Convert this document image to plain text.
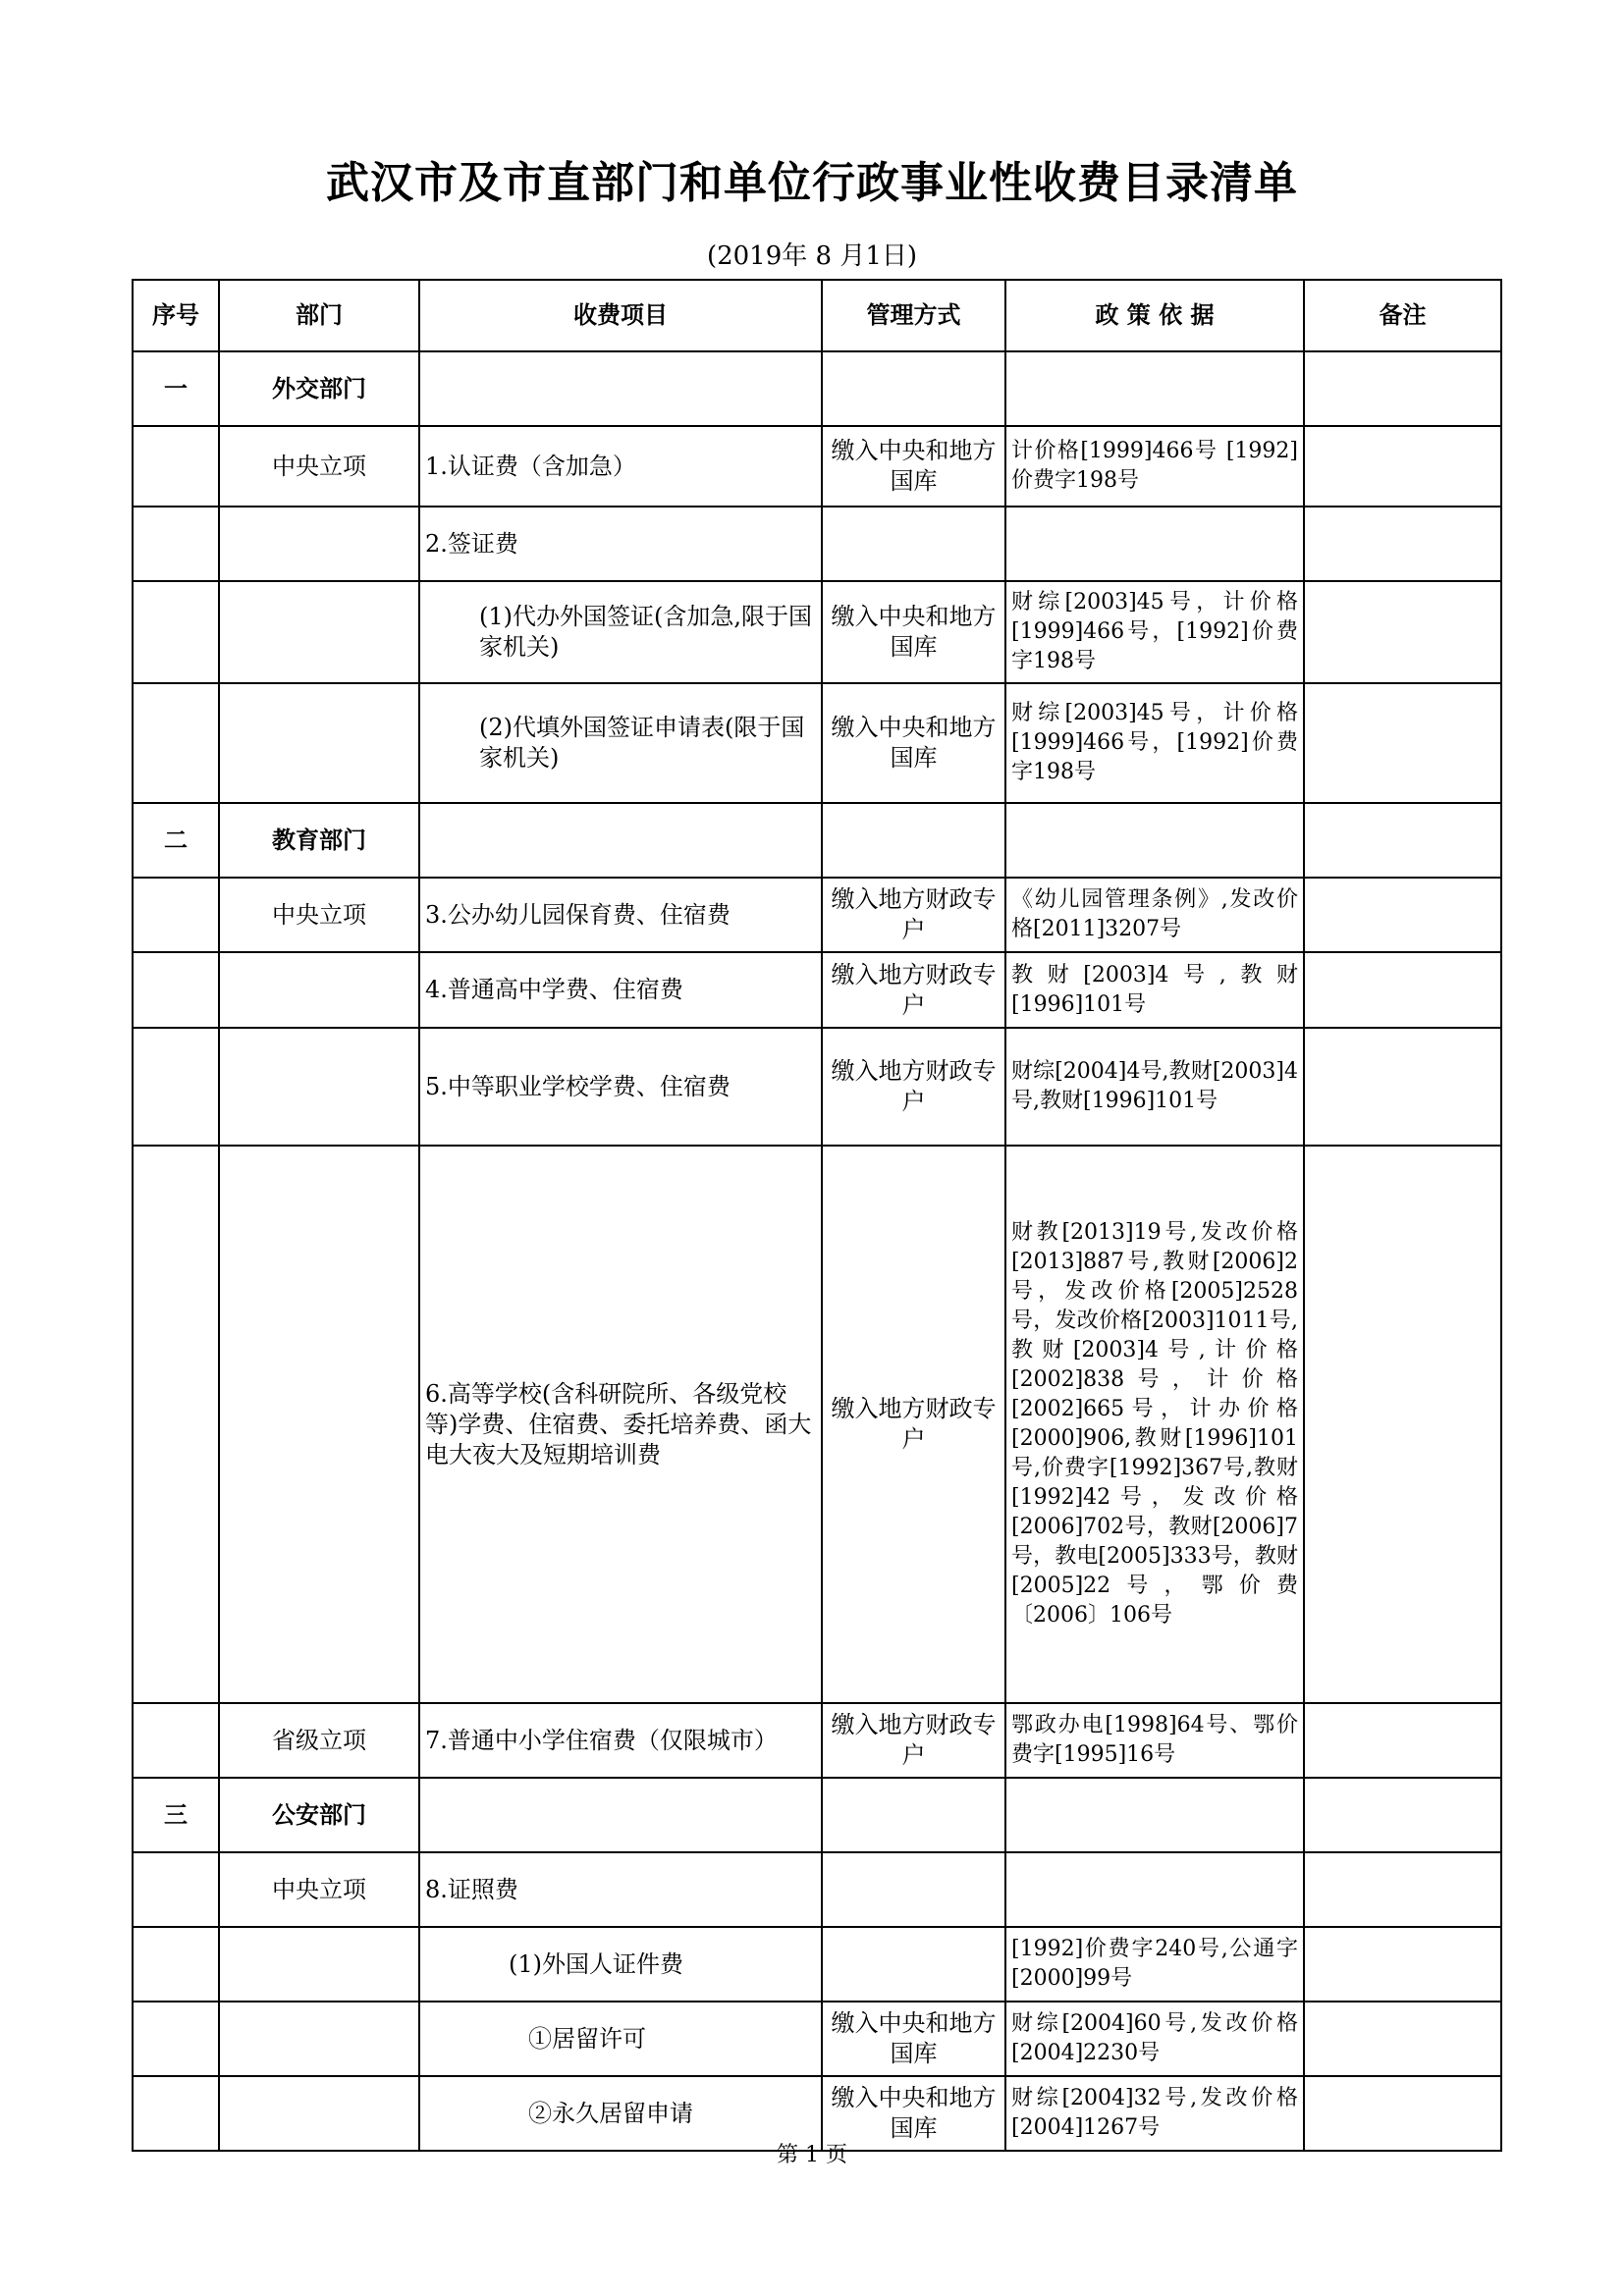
武汉市及市直部门和单位行政事业性收费目录清单
(2019年 8 月1日)
序号	部门	收费项目	管理方式	政 策 依 据	备注
一	外交部门				
	中央立项	1.认证费（含加急）	缴入中央和地方国库	计价格[1999]466号 [1992]价费字198号	
		2.签证费			
		(1)代办外国签证(含加急,限于国家机关)	缴入中央和地方国库	财综[2003]45号，计价格[1999]466号，[1992]价费字198号	
		(2)代填外国签证申请表(限于国家机关)	缴入中央和地方国库	财综[2003]45号，计价格[1999]466号，[1992]价费字198号	
二	教育部门				
	中央立项	3.公办幼儿园保育费、住宿费	缴入地方财政专户	《幼儿园管理条例》,发改价格[2011]3207号	
		4.普通高中学费、住宿费	缴入地方财政专户	教财[2003]4号,教财[1996]101号	
		5.中等职业学校学费、住宿费	缴入地方财政专户	财综[2004]4号,教财[2003]4号,教财[1996]101号	
		6.高等学校(含科研院所、各级党校等)学费、住宿费、委托培养费、函大电大夜大及短期培训费	缴入地方财政专户	财教[2013]19号,发改价格[2013]887号,教财[2006]2号，发改价格[2005]2528号，发改价格[2003]1011号,教财[2003]4号,计价格[2002]838号，计价格[2002]665号，计办价格[2000]906,教财[1996]101号,价费字[1992]367号,教财[1992]42号，发改价格[2006]702号，教财[2006]7号，教电[2005]333号，教财[2005]22号，鄂价费〔2006〕106号	
	省级立项	7.普通中小学住宿费（仅限城市）	缴入地方财政专户	鄂政办电[1998]64号、鄂价费字[1995]16号	
三	公安部门				
	中央立项	8.证照费			
		(1)外国人证件费		[1992]价费字240号,公通字[2000]99号	
		①居留许可	缴入中央和地方国库	财综[2004]60号,发改价格[2004]2230号	
		②永久居留申请	缴入中央和地方国库	财综[2004]32号,发改价格[2004]1267号	
第 1 页
